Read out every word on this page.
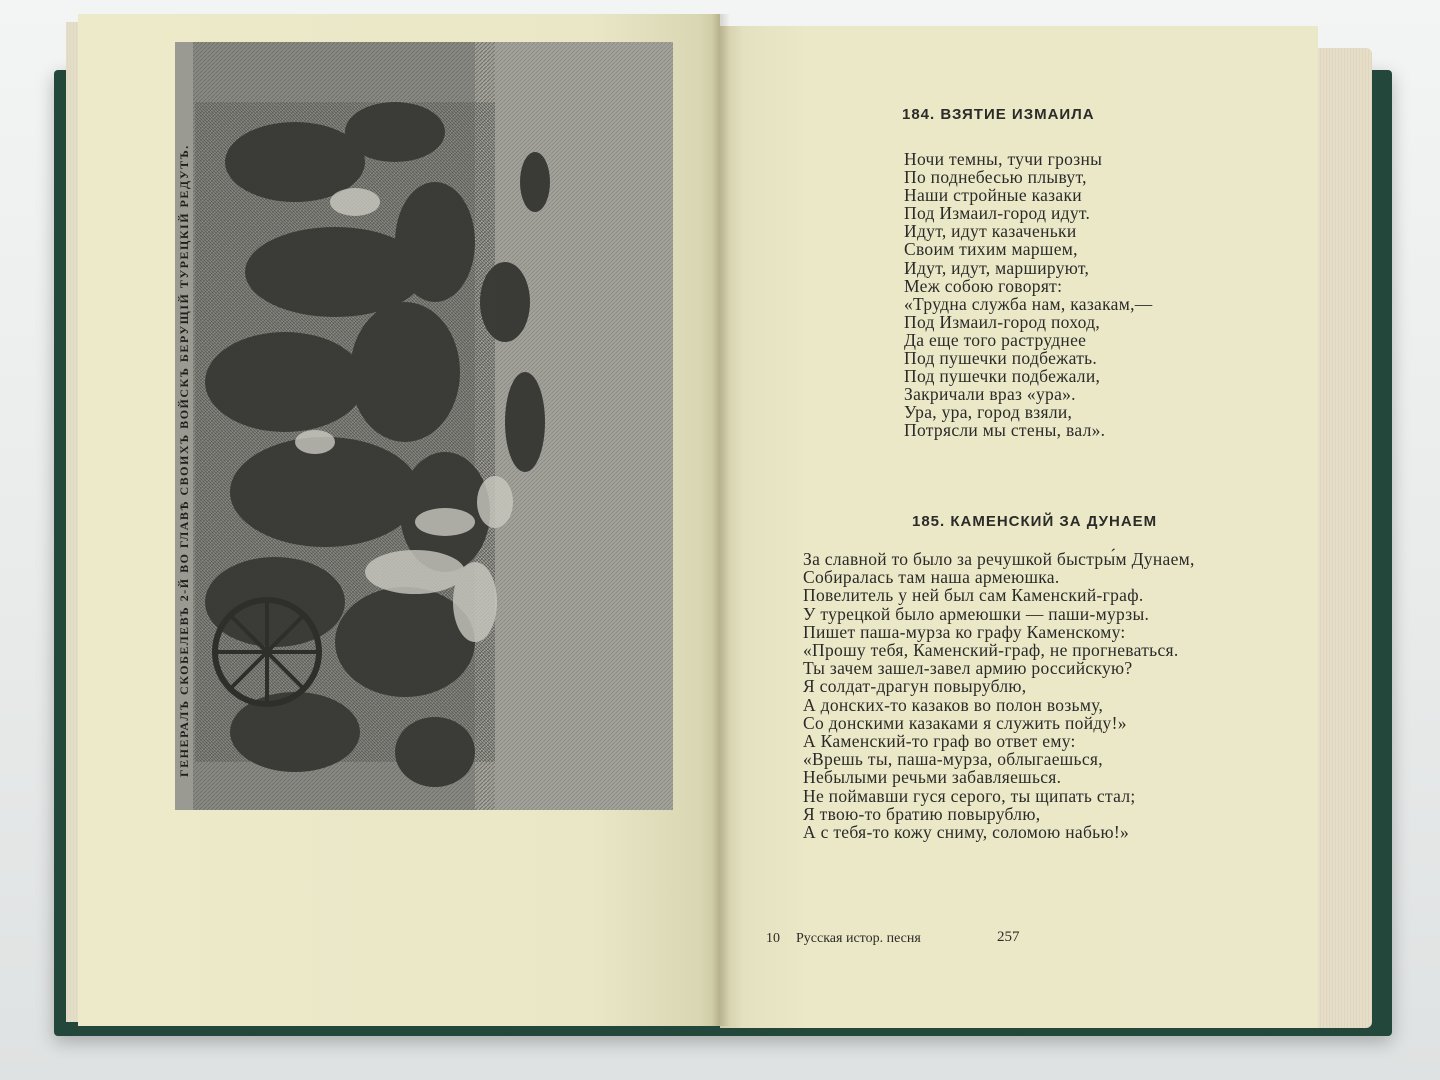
ГЕНЕРАЛЪ СКОБЕЛЕВЪ 2-Й ВО ГЛАВѢ СВОИХЪ ВОЙСКЪ БЕРУЩІЙ ТУРЕЦКІЙ РЕДУТЪ.
184. ВЗЯТИЕ ИЗМАИЛА
Ночи темны, тучи грозны
По поднебесью плывут,
Наши стройные казаки
Под Измаил-город идут.
Идут, идут казаченьки
Своим тихим маршем,
Идут, идут, маршируют,
Меж собою говорят:
«Трудна служба нам, казакам,—
Под Измаил-город поход,
Да еще того раструднее
Под пушечки подбежать.
Под пушечки подбежали,
Закричали враз «ура».
Ура, ура, город взяли,
Потрясли мы стены, вал».
185. КАМЕНСКИЙ ЗА ДУНАЕМ
За славной то было за речушкой быстры́м Дунаем,
Собиралась там наша армеюшка.
Повелитель у ней был сам Каменский-граф.
У турецкой было армеюшки — паши-мурзы.
Пишет паша-мурза ко графу Каменскому:
«Прошу тебя, Каменский-граф, не прогневаться.
Ты зачем зашел-завел армию российскую?
Я солдат-драгун повырублю,
А донских-то казаков во полон возьму,
Со донскими казаками я служить пойду!»
А Каменский-то граф во ответ ему:
«Врешь ты, паша-мурза, облыгаешься,
Небылыми речьми забавляешься.
Не поймавши гуся серого, ты щипать стал;
Я твою-то братию повырублю,
А с тебя-то кожу сниму, соломою набью!»
10 Русская истор. песня	257
